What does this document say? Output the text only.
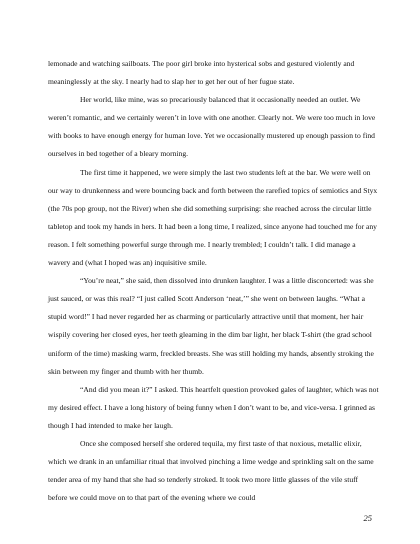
lemonade and watching sailboats. The poor girl broke into hysterical sobs and gestured violently and meaninglessly at the sky. I nearly had to slap her to get her out of her fugue state.

Her world, like mine, was so precariously balanced that it occasionally needed an outlet. We weren’t romantic, and we certainly weren’t in love with one another. Clearly not. We were too much in love with books to have enough energy for human love. Yet we occasionally mustered up enough passion to find ourselves in bed together of a bleary morning.

The first time it happened, we were simply the last two students left at the bar. We were well on our way to drunkenness and were bouncing back and forth between the rarefied topics of semiotics and Styx (the 70s pop group, not the River) when she did something surprising: she reached across the circular little tabletop and took my hands in hers. It had been a long time, I realized, since anyone had touched me for any reason. I felt something powerful surge through me. I nearly trembled; I couldn’t talk. I did manage a wavery and (what I hoped was an) inquisitive smile.

“You’re neat,” she said, then dissolved into drunken laughter. I was a little disconcerted: was she just sauced, or was this real? “I just called Scott Anderson ‘neat,’” she went on between laughs. “What a stupid word!” I had never regarded her as charming or particularly attractive until that moment, her hair wispily covering her closed eyes, her teeth gleaming in the dim bar light, her black T-shirt (the grad school uniform of the time) masking warm, freckled breasts. She was still holding my hands, absently stroking the skin between my finger and thumb with her thumb.

“And did you mean it?” I asked. This heartfelt question provoked gales of laughter, which was not my desired effect. I have a long history of being funny when I don’t want to be, and vice-versa. I grinned as though I had intended to make her laugh.

Once she composed herself she ordered tequila, my first taste of that noxious, metallic elixir, which we drank in an unfamiliar ritual that involved pinching a lime wedge and sprinkling salt on the same tender area of my hand that she had so tenderly stroked. It took two more little glasses of the vile stuff before we could move on to that part of the evening where we could

25
